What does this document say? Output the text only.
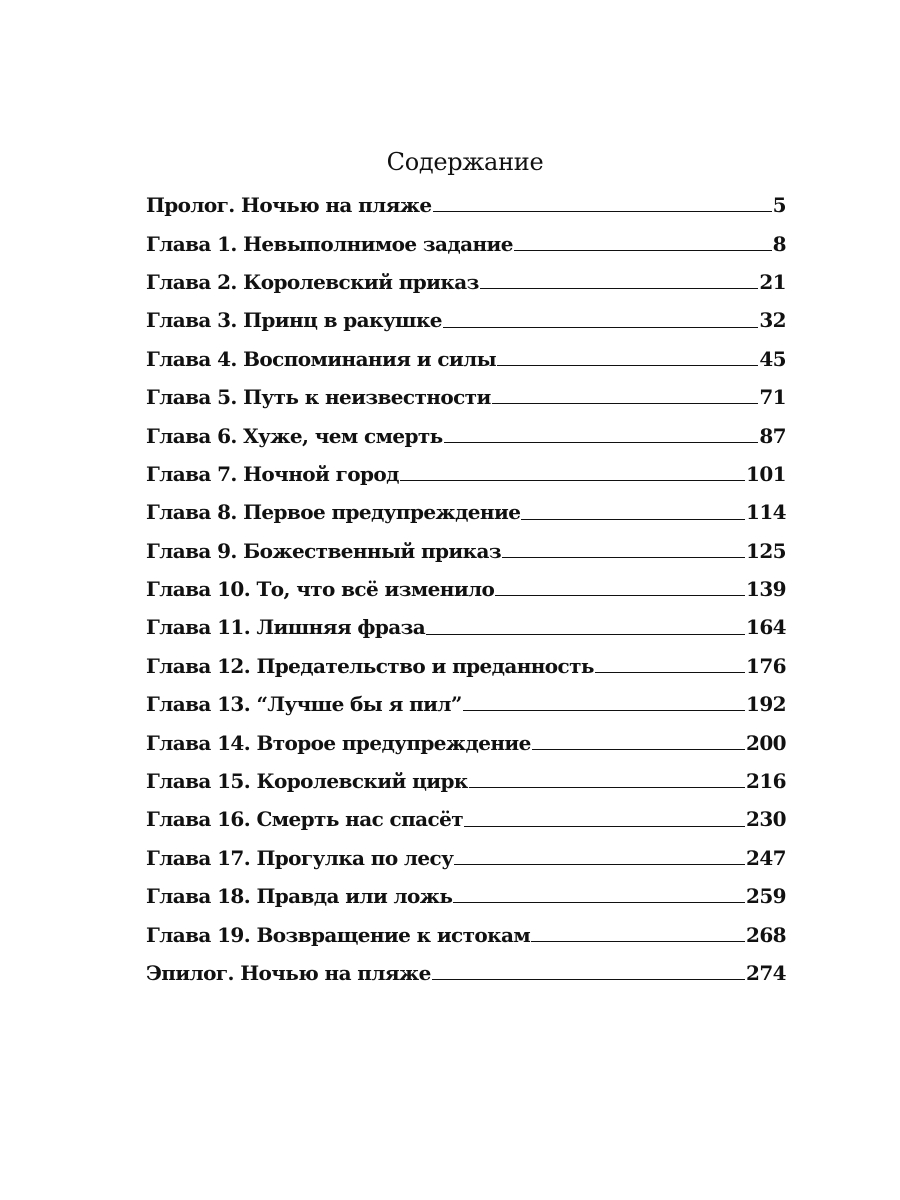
Содержание
Пролог. Ночью на пляже	5
Глава 1. Невыполнимое задание	8
Глава 2. Королевский приказ	21
Глава 3. Принц в ракушке	32
Глава 4. Воспоминания и силы	45
Глава 5. Путь к неизвестности	71
Глава 6. Хуже, чем смерть	87
Глава 7. Ночной город	101
Глава 8. Первое предупреждение	114
Глава 9. Божественный приказ	125
Глава 10. То, что всё изменило	139
Глава 11. Лишняя фраза	164
Глава 12. Предательство и преданность	176
Глава 13. “Лучше бы я пил”	192
Глава 14. Второе предупреждение	200
Глава 15. Королевский цирк	216
Глава 16. Смерть нас спасёт	230
Глава 17. Прогулка по лесу	247
Глава 18. Правда или ложь	259
Глава 19. Возвращение к истокам	268
Эпилог. Ночью на пляже	274
